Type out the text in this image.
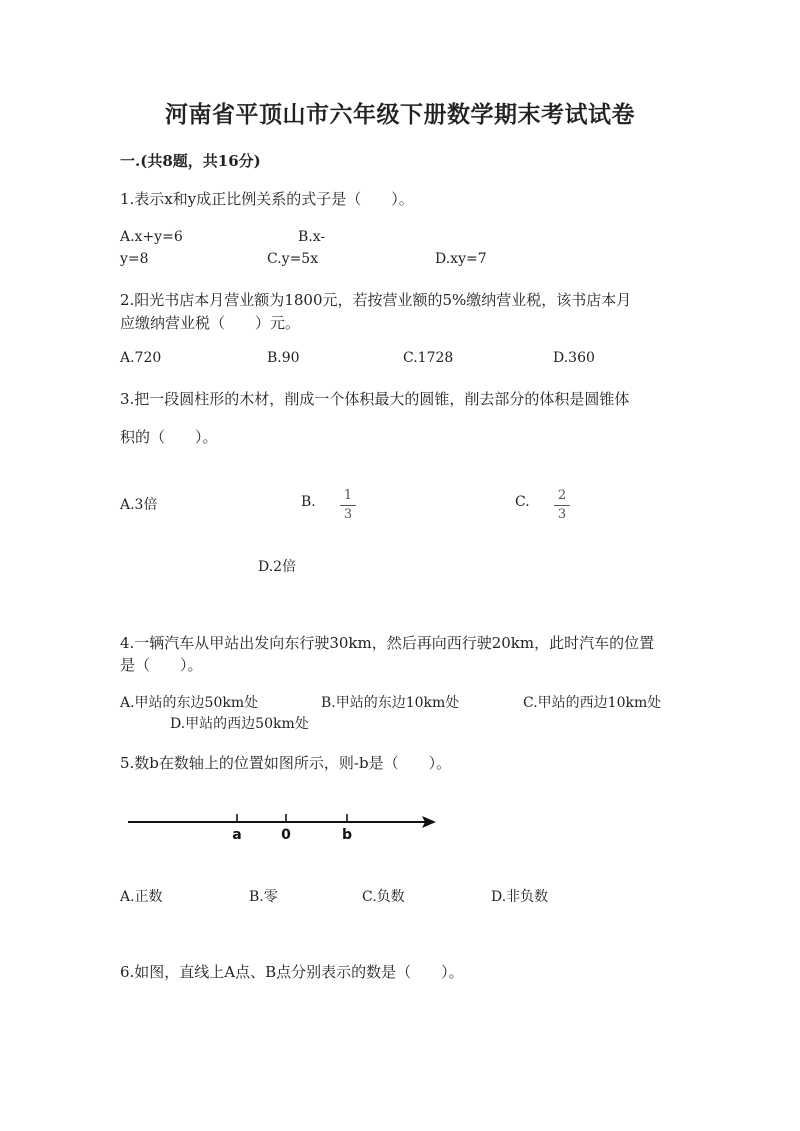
河南省平顶山市六年级下册数学期末考试试卷
一.(共8题，共16分)
1.表示x和y成正比例关系的式子是（　　）。
A.x+y=6	B.x-
y=8	C.y=5x	D.xy=7
2.阳光书店本月营业额为1800元，若按营业额的5%缴纳营业税，该书店本月
应缴纳营业税（　　）元。
A.720	B.90	C.1728	D.360
3.把一段圆柱形的木材，削成一个体积最大的圆锥，削去部分的体积是圆锥体
积的（　　）。
A.3倍	B. 1
3
C. 2
3
D.2倍
4.一辆汽车从甲站出发向东行驶30km，然后再向西行驶20km，此时汽车的位置
是（　　）。
A.甲站的东边50km处	B.甲站的东边10km处	C.甲站的西边10km处
D.甲站的西边50km处
5.数b在数轴上的位置如图所示，则-b是（　　）。
a	0	b
A.正数	B.零	C.负数	D.非负数
6.如图，直线上A点、B点分别表示的数是（　　）。
